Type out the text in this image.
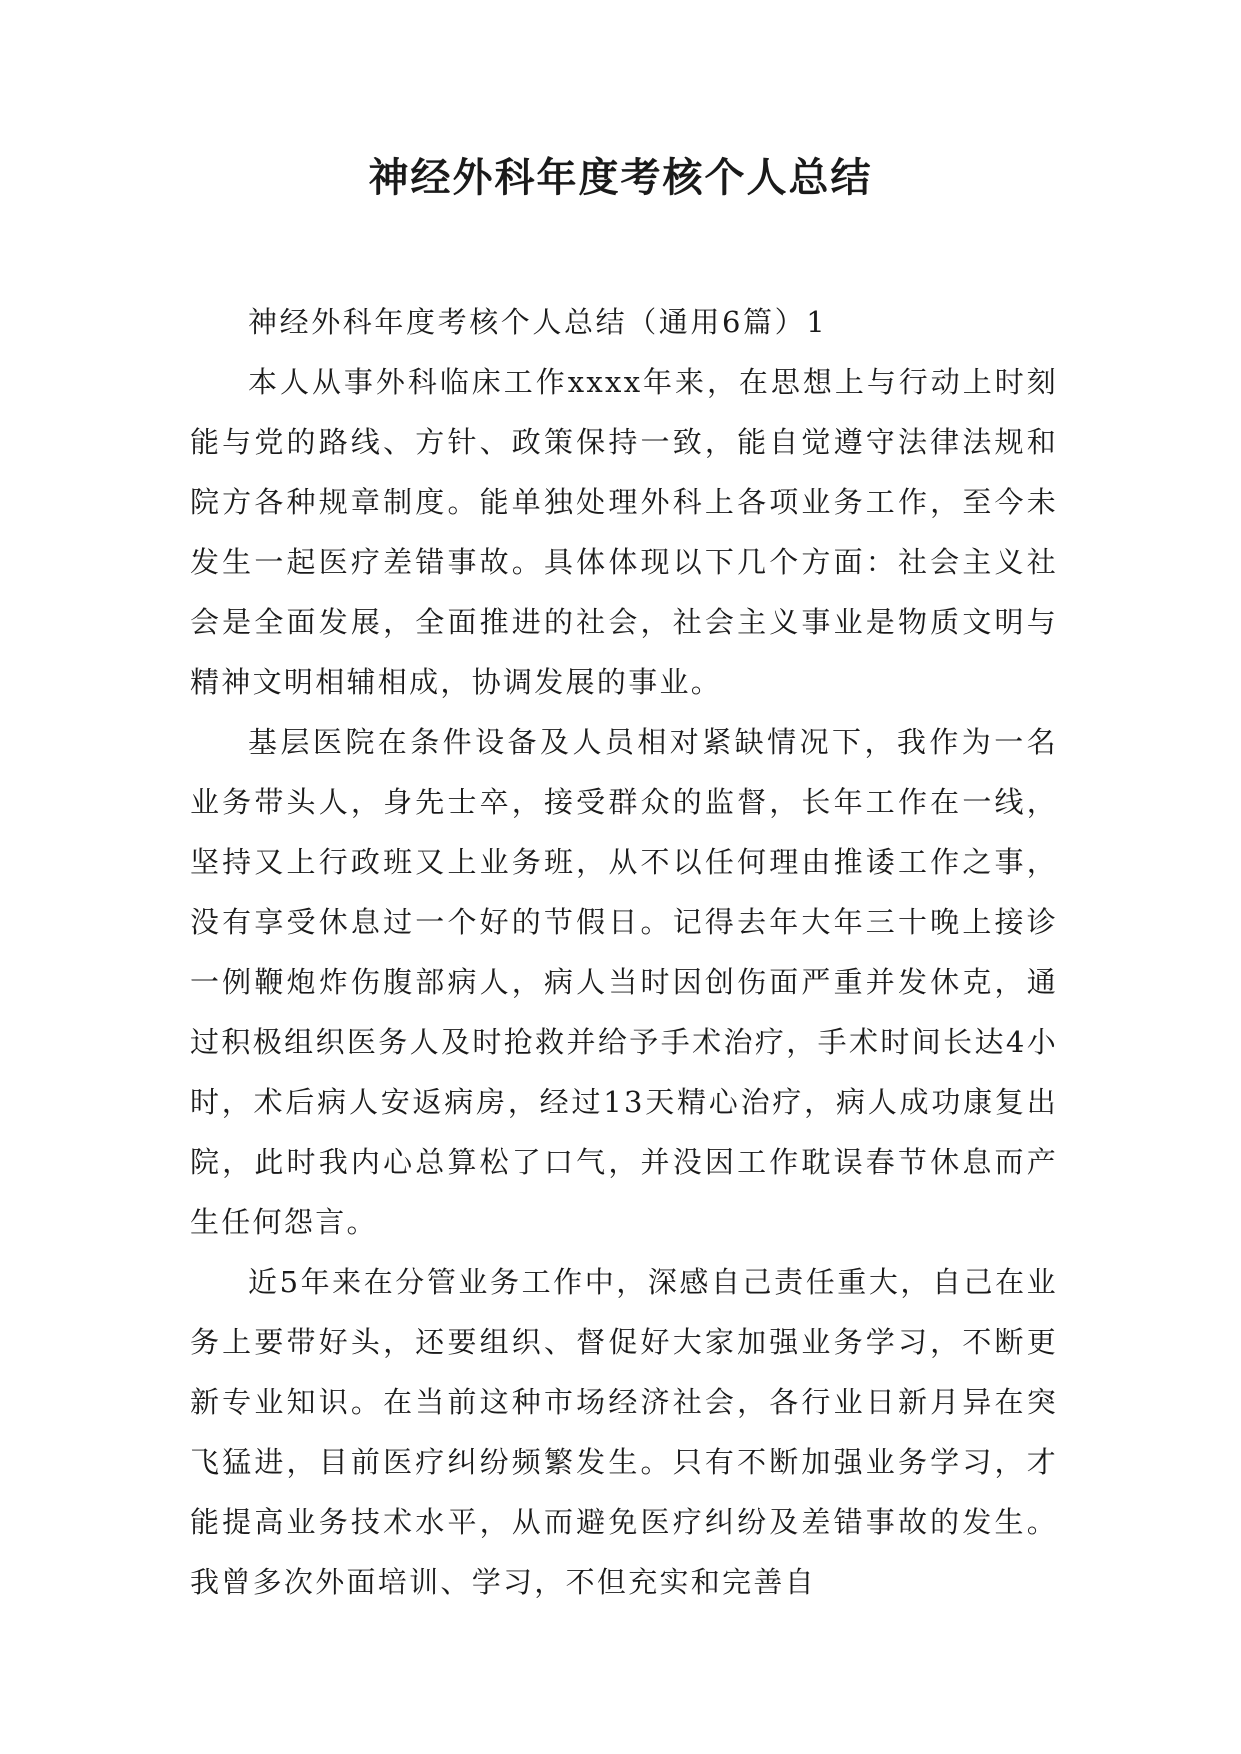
神经外科年度考核个人总结

神经外科年度考核个人总结（通用6篇）1

本人从事外科临床工作xxxx年来，在思想上与行动上时刻能与党的路线、方针、政策保持一致，能自觉遵守法律法规和院方各种规章制度。能单独处理外科上各项业务工作，至今未发生一起医疗差错事故。具体体现以下几个方面：社会主义社会是全面发展，全面推进的社会，社会主义事业是物质文明与精神文明相辅相成，协调发展的事业。

基层医院在条件设备及人员相对紧缺情况下，我作为一名业务带头人，身先士卒，接受群众的监督，长年工作在一线，坚持又上行政班又上业务班，从不以任何理由推诿工作之事，没有享受休息过一个好的节假日。记得去年大年三十晚上接诊一例鞭炮炸伤腹部病人，病人当时因创伤面严重并发休克，通过积极组织医务人及时抢救并给予手术治疗，手术时间长达4小时，术后病人安返病房，经过13天精心治疗，病人成功康复出院，此时我内心总算松了口气，并没因工作耽误春节休息而产生任何怨言。

近5年来在分管业务工作中，深感自己责任重大，自己在业务上要带好头，还要组织、督促好大家加强业务学习，不断更新专业知识。在当前这种市场经济社会，各行业日新月异在突飞猛进，目前医疗纠纷频繁发生。只有不断加强业务学习，才能提高业务技术水平，从而避免医疗纠纷及差错事故的发生。我曾多次外面培训、学习，不但充实和完善自
